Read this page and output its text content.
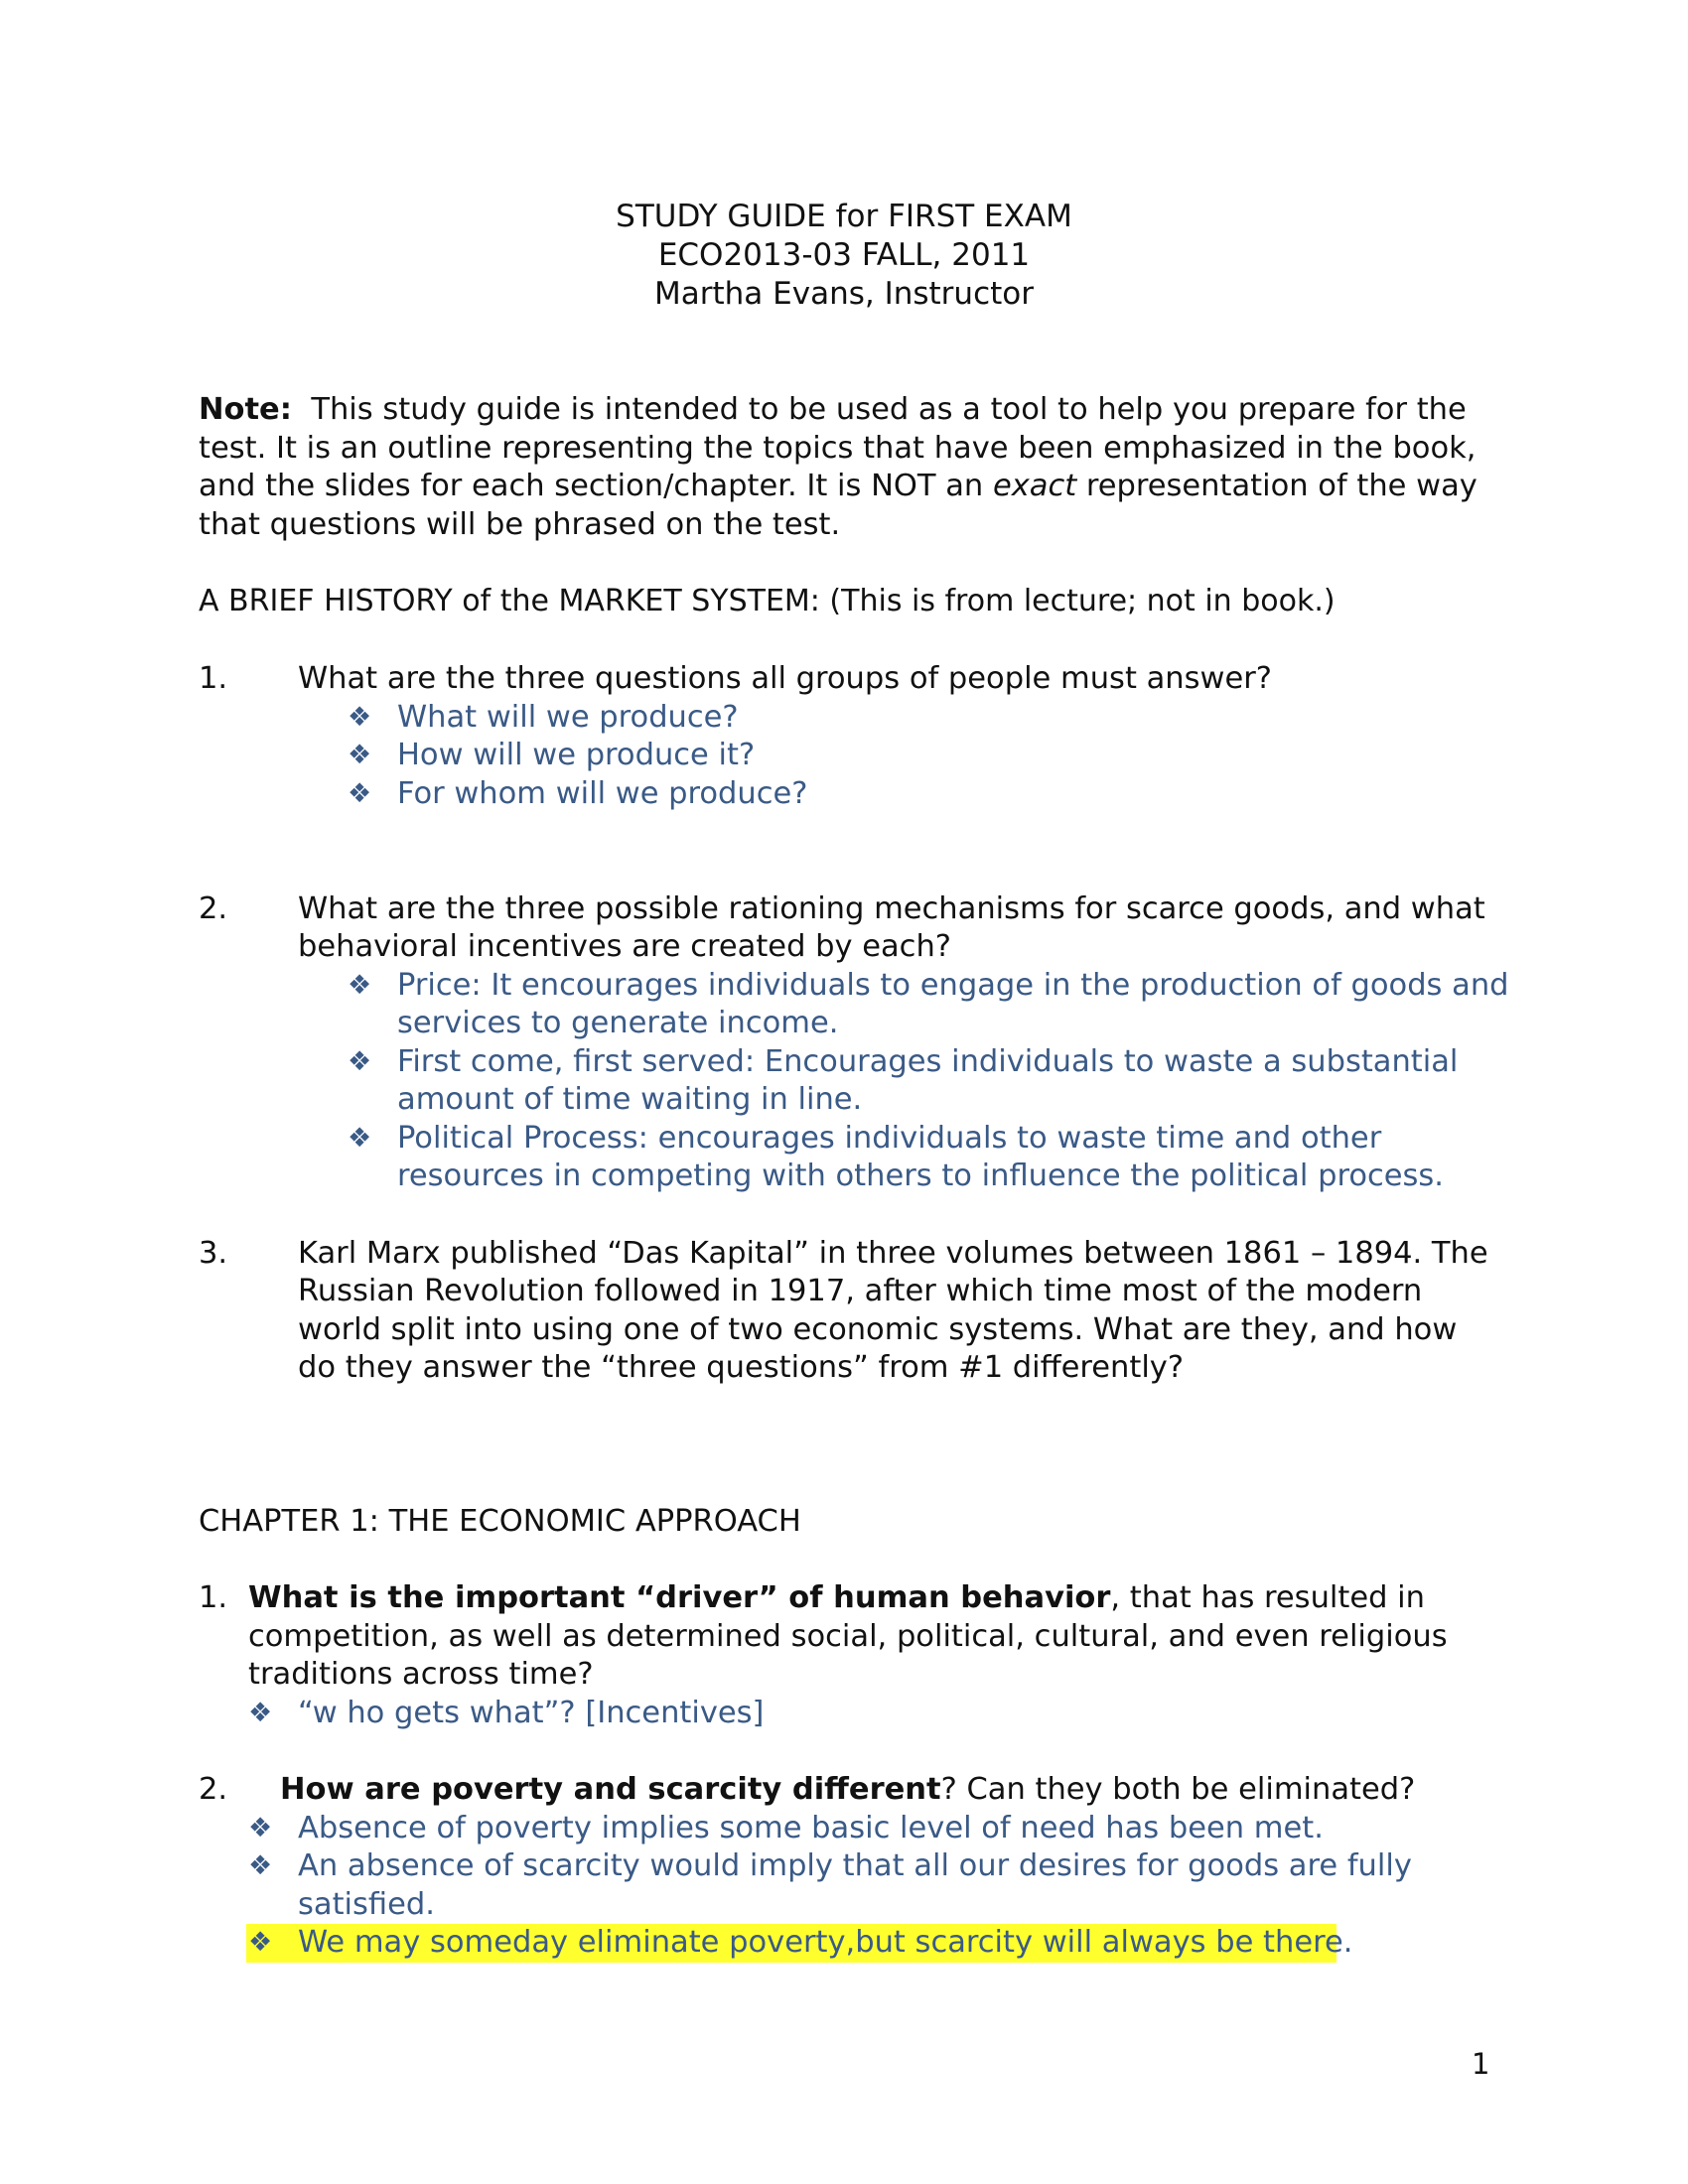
STUDY GUIDE for FIRST EXAM
ECO2013-03 FALL, 2011
Martha Evans, Instructor
Note: This study guide is intended to be used as a tool to help you prepare for the
test. It is an outline representing the topics that have been emphasized in the book,
and the slides for each section/chapter. It is NOT an exact representation of the way
that questions will be phrased on the test.
A BRIEF HISTORY of the MARKET SYSTEM: (This is from lecture; not in book.)
1. What are the three questions all groups of people must answer?
❖ What will we produce?
❖ How will we produce it?
❖ For whom will we produce?
2. What are the three possible rationing mechanisms for scarce goods, and what
behavioral incentives are created by each?
❖ Price: It encourages individuals to engage in the production of goods and
services to generate income.
❖ First come, first served: Encourages individuals to waste a substantial
amount of time waiting in line.
❖ Political Process: encourages individuals to waste time and other
resources in competing with others to influence the political process.
3. Karl Marx published “Das Kapital” in three volumes between 1861 – 1894. The
Russian Revolution followed in 1917, after which time most of the modern
world split into using one of two economic systems. What are they, and how
do they answer the “three questions” from #1 differently?
CHAPTER 1: THE ECONOMIC APPROACH
1. What is the important “driver” of human behavior, that has resulted in
competition, as well as determined social, political, cultural, and even religious
traditions across time?
❖ “w ho gets what”? [Incentives]
2. How are poverty and scarcity different? Can they both be eliminated?
❖ Absence of poverty implies some basic level of need has been met.
❖ An absence of scarcity would imply that all our desires for goods are fully
satisfied.
❖ We may someday eliminate poverty,but scarcity will always be there.
1
